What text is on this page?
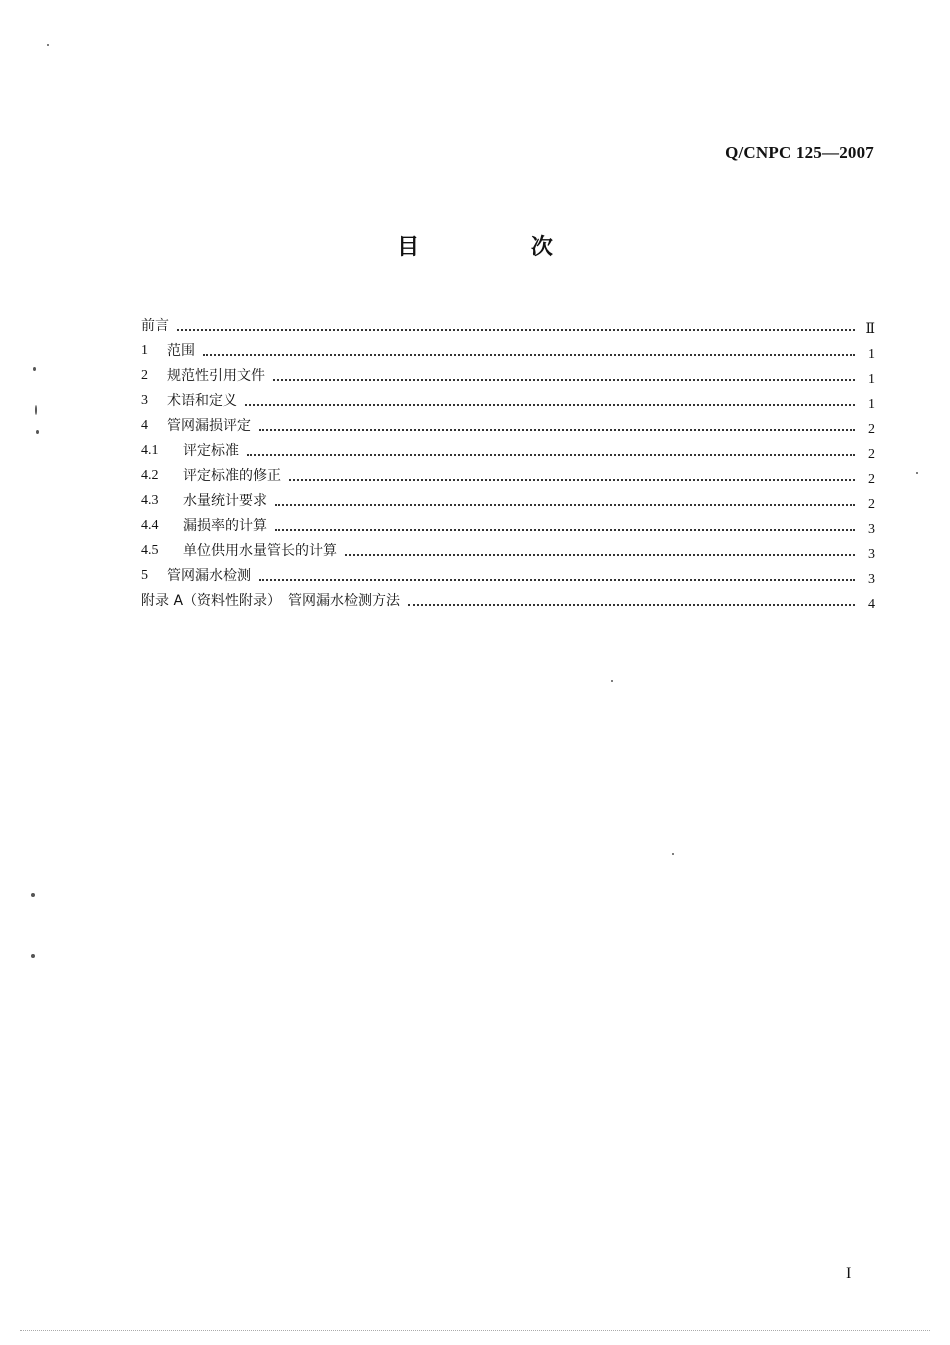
Q/CNPC 125—2007
目 次
前言	Ⅱ
1	范围	1
2	规范性引用文件	1
3	术语和定义	1
4	管网漏损评定	2
4.1	评定标准	2
4.2	评定标准的修正	2
4.3	水量统计要求	2
4.4	漏损率的计算	3
4.5	单位供用水量管长的计算	3
5	管网漏水检测	3
附录 A（资料性附录）　管网漏水检测方法	4
I
